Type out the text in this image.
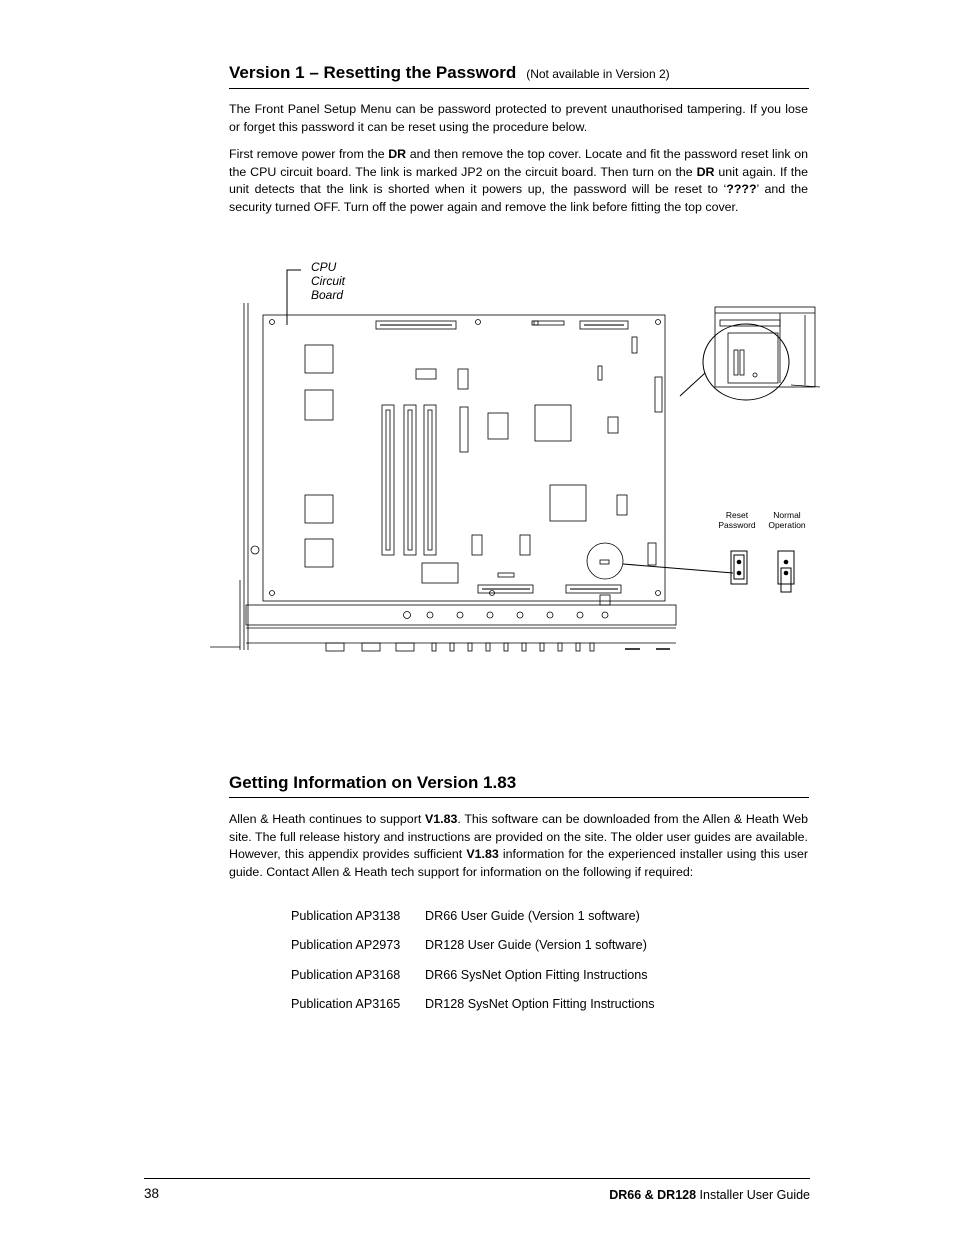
Version 1 – Resetting the Password (Not available in Version 2)
The Front Panel Setup Menu can be password protected to prevent unauthorised tampering. If you lose or forget this password it can be reset using the procedure below.
First remove power from the DR and then remove the top cover. Locate and fit the password reset link on the CPU circuit board. The link is marked JP2 on the circuit board. Then turn on the DR unit again. If the unit detects that the link is shorted when it powers up, the password will be reset to ‘????’ and the security turned OFF. Turn off the power again and remove the link before fitting the top cover.
CPU Circuit Board
Reset
Password
Normal
Operation
Getting Information on Version 1.83
Allen & Heath continues to support V1.83. This software can be downloaded from the Allen & Heath Web site. The full release history and instructions are provided on the site. The older user guides are available. However, this appendix provides sufficient V1.83 information for the experienced installer using this user guide. Contact Allen & Heath tech support for information on the following if required:
Publication AP3138 DR66 User Guide (Version 1 software)
Publication AP2973 DR128 User Guide (Version 1 software)
Publication AP3168 DR66 SysNet Option Fitting Instructions
Publication AP3165 DR128 SysNet Option Fitting Instructions
38	DR66 & DR128 Installer User Guide
